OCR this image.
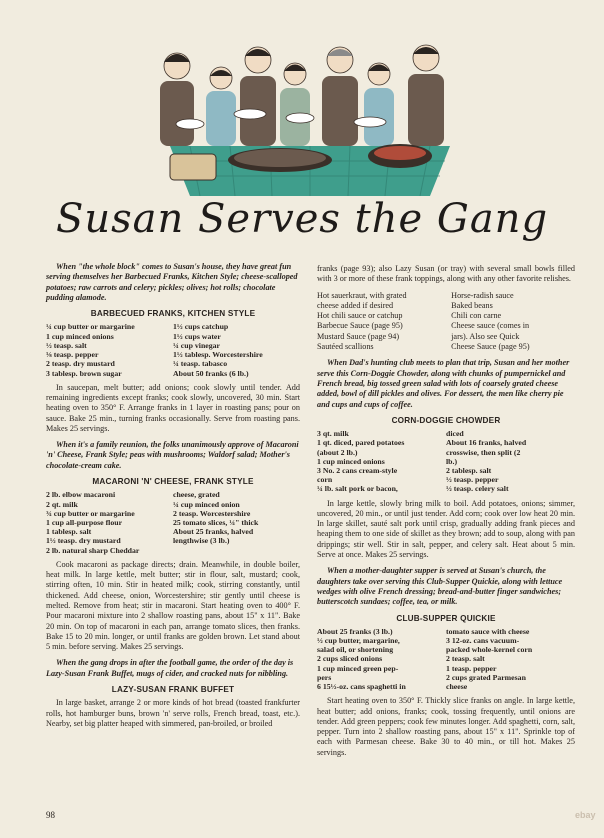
Susan Serves the Gang

When "the whole block" comes to Susan's house, they have great fun serving themselves her Barbecued Franks, Kitchen Style; cheese-scalloped potatoes; raw carrots and celery; pickles; olives; hot rolls; chocolate pudding alamode.

BARBECUED FRANKS, KITCHEN STYLE
¼ cup butter or margarine	1½ cups catchup
1 cup minced onions	1½ cups water
½ teasp. salt	¼ cup vinegar
⅛ teasp. pepper	1½ tablesp. Worcestershire
2 teasp. dry mustard	¼ teasp. tabasco
3 tablesp. brown sugar	About 50 franks (6 lb.)

In saucepan, melt butter; add onions; cook slowly until tender. Add remaining ingredients except franks; cook slowly, uncovered, 30 min. Start heating oven to 350° F. Arrange franks in 1 layer in roasting pans; pour on sauce. Bake 25 min., turning franks occasionally. Serve from roasting pans. Makes 25 servings.

When it's a family reunion, the folks unanimously approve of Macaroni 'n' Cheese, Frank Style; peas with mushrooms; Waldorf salad; Mother's chocolate-cream cake.

MACARONI 'N' CHEESE, FRANK STYLE
2 lb. elbow macaroni	cheese, grated
2 qt. milk	¼ cup minced onion
¾ cup butter or margarine	2 teasp. Worcestershire
1 cup all-purpose flour	25 tomato slices, ¼" thick
1 tablesp. salt	About 25 franks, halved
1½ teasp. dry mustard	lengthwise (3 lb.)
2 lb. natural sharp Cheddar	

Cook macaroni as package directs; drain. Meanwhile, in double boiler, heat milk. In large kettle, melt butter; stir in flour, salt, mustard; cook, stirring often, 10 min. Stir in heated milk; cook, stirring constantly, until thickened. Add cheese, onion, Worcestershire; stir gently until cheese is melted. Remove from heat; stir in macaroni. Start heating oven to 400° F. Pour macaroni mixture into 2 shallow roasting pans, about 15" x 11". Bake 20 min. On top of macaroni in each pan, arrange tomato slices, then franks. Bake 15 to 20 min. longer, or until franks are golden brown. Let stand about 5 min. before serving. Makes 25 servings.

When the gang drops in after the football game, the order of the day is Lazy-Susan Frank Buffet, mugs of cider, and cracked nuts for nibbling.

LAZY-SUSAN FRANK BUFFET

In large basket, arrange 2 or more kinds of hot bread (toasted frankfurter rolls, hot hamburger buns, brown 'n' serve rolls, French bread, toast, etc.). Nearby, set big platter heaped with simmered, pan-broiled, or broiled

franks (page 93); also Lazy Susan (or tray) with several small bowls filled with 3 or more of these frank toppings, along with any other favorite relishes.

Hot sauerkraut, with grated	Horse-radish sauce
cheese added if desired	Baked beans
Hot chili sauce or catchup	Chili con carne
Barbecue Sauce (page 95)	Cheese sauce (comes in
Mustard Sauce (page 94)	jars). Also see Quick
Sautéed scallions	Cheese Sauce (page 95)

When Dad's hunting club meets to plan that trip, Susan and her mother serve this Corn-Doggie Chowder, along with chunks of pumpernickel and French bread, big tossed green salad with lots of coarsely grated cheese added, bowl of dill pickles and olives. For dessert, the men like cherry pie and cups and cups of coffee.

CORN-DOGGIE CHOWDER
3 qt. milk	diced
1 qt. diced, pared potatoes	About 16 franks, halved
(about 2 lb.)	crosswise, then split (2
1 cup minced onions	lb.)
3 No. 2 cans cream-style	2 tablesp. salt
corn	½ teasp. pepper
¼ lb. salt pork or bacon,	½ teasp. celery salt

In large kettle, slowly bring milk to boil. Add potatoes, onions; simmer, uncovered, 20 min., or until just tender. Add corn; cook over low heat 20 min. In large skillet, sauté salt pork until crisp, gradually adding frank pieces and heaping them to one side of skillet as they brown; add to soup, along with pan drippings; stir well. Stir in salt, pepper, and celery salt. Heat about 5 min. Serve at once. Makes 25 servings.

When a mother-daughter supper is served at Susan's church, the daughters take over serving this Club-Supper Quickie, along with lettuce wedges with olive French dressing; bread-and-butter finger sandwiches; butterscotch sundaes; coffee, tea, or milk.

CLUB-SUPPER QUICKIE
About 25 franks (3 lb.)	tomato sauce with cheese
½ cup butter, margarine,	3 12-oz. cans vacuum-
salad oil, or shortening	packed whole-kernel corn
2 cups sliced onions	2 teasp. salt
1 cup minced green pep-	1 teasp. pepper
pers	2 cups grated Parmesan
6 15½-oz. cans spaghetti in	cheese

Start heating oven to 350° F. Thickly slice franks on angle. In large kettle, heat butter; add onions, franks; cook, tossing frequently, until onions are tender. Add green peppers; cook few minutes longer. Add spaghetti, corn, salt, pepper. Turn into 2 shallow roasting pans, about 15" x 11". Sprinkle top of each with Parmesan cheese. Bake 30 to 40 min., or till hot. Makes 25 servings.

98	ebay
